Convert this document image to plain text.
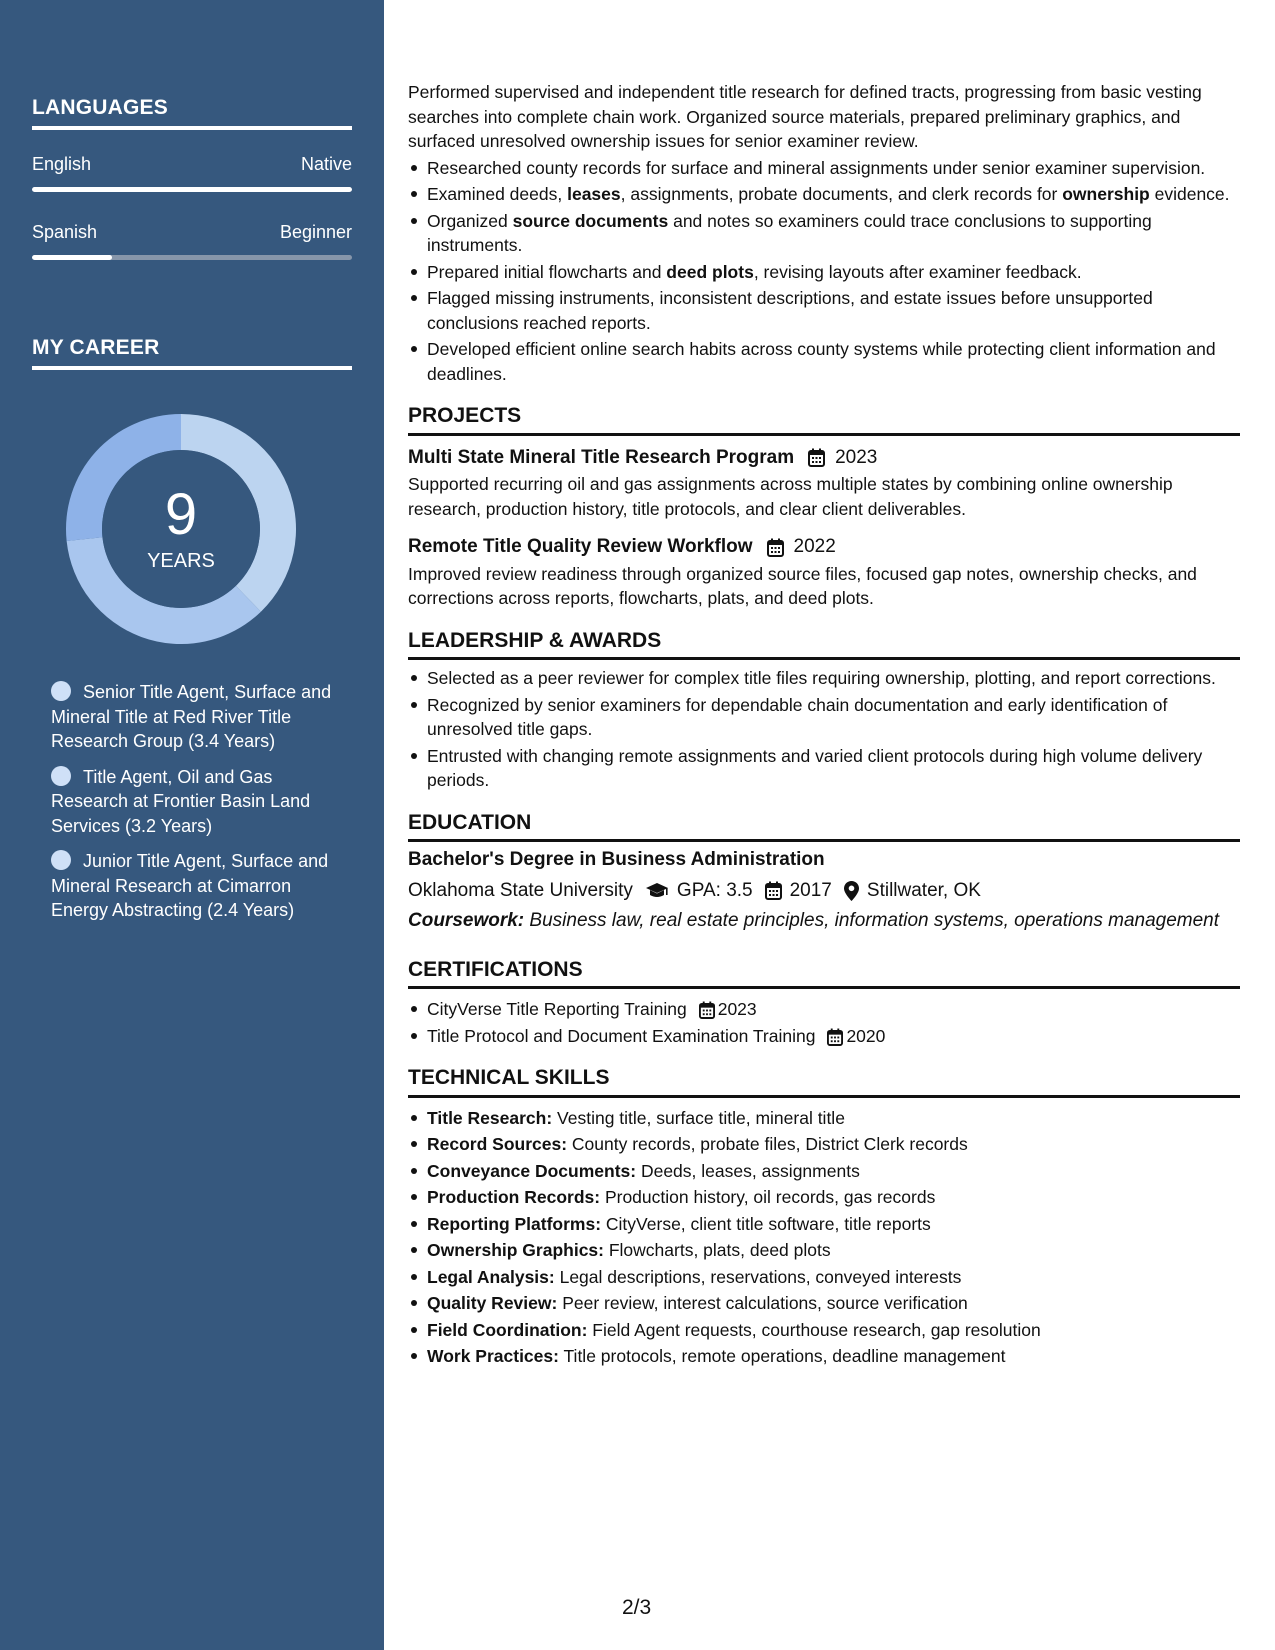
LANGUAGES
English	Native
Spanish	Beginner
MY CAREER
9
YEARS
Senior Title Agent, Surface and Mineral Title at Red River Title Research Group (3.4 Years)
Title Agent, Oil and Gas Research at Frontier Basin Land Services (3.2 Years)
Junior Title Agent, Surface and Mineral Research at Cimarron Energy Abstracting (2.4 Years)

Performed supervised and independent title research for defined tracts, progressing from basic vesting searches into complete chain work. Organized source materials, prepared preliminary graphics, and surfaced unresolved ownership issues for senior examiner review.

Researched county records for surface and mineral assignments under senior examiner supervision.
Examined deeds, leases, assignments, probate documents, and clerk records for ownership evidence.
Organized source documents and notes so examiners could trace conclusions to supporting instruments.
Prepared initial flowcharts and deed plots, revising layouts after examiner feedback.
Flagged missing instruments, inconsistent descriptions, and estate issues before unsupported conclusions reached reports.
Developed efficient online search habits across county systems while protecting client information and deadlines.
PROJECTS
Multi State Mineral Title Research Program 2023

Supported recurring oil and gas assignments across multiple states by combining online ownership research, production history, title protocols, and clear client deliverables.

Remote Title Quality Review Workflow 2022

Improved review readiness through organized source files, focused gap notes, ownership checks, and corrections across reports, flowcharts, plats, and deed plots.

LEADERSHIP & AWARDS
Selected as a peer reviewer for complex title files requiring ownership, plotting, and report corrections.
Recognized by senior examiners for dependable chain documentation and early identification of unresolved title gaps.
Entrusted with changing remote assignments and varied client protocols during high volume delivery periods.
EDUCATION
Bachelor's Degree in Business Administration
Oklahoma State University GPA: 3.5 2017 Stillwater, OK

Coursework: Business law, real estate principles, information systems, operations management

CERTIFICATIONS
CityVerse Title Reporting Training 2023
Title Protocol and Document Examination Training 2020
TECHNICAL SKILLS
Title Research: Vesting title, surface title, mineral title
Record Sources: County records, probate files, District Clerk records
Conveyance Documents: Deeds, leases, assignments
Production Records: Production history, oil records, gas records
Reporting Platforms: CityVerse, client title software, title reports
Ownership Graphics: Flowcharts, plats, deed plots
Legal Analysis: Legal descriptions, reservations, conveyed interests
Quality Review: Peer review, interest calculations, source verification
Field Coordination: Field Agent requests, courthouse research, gap resolution
Work Practices: Title protocols, remote operations, deadline management
2/3
